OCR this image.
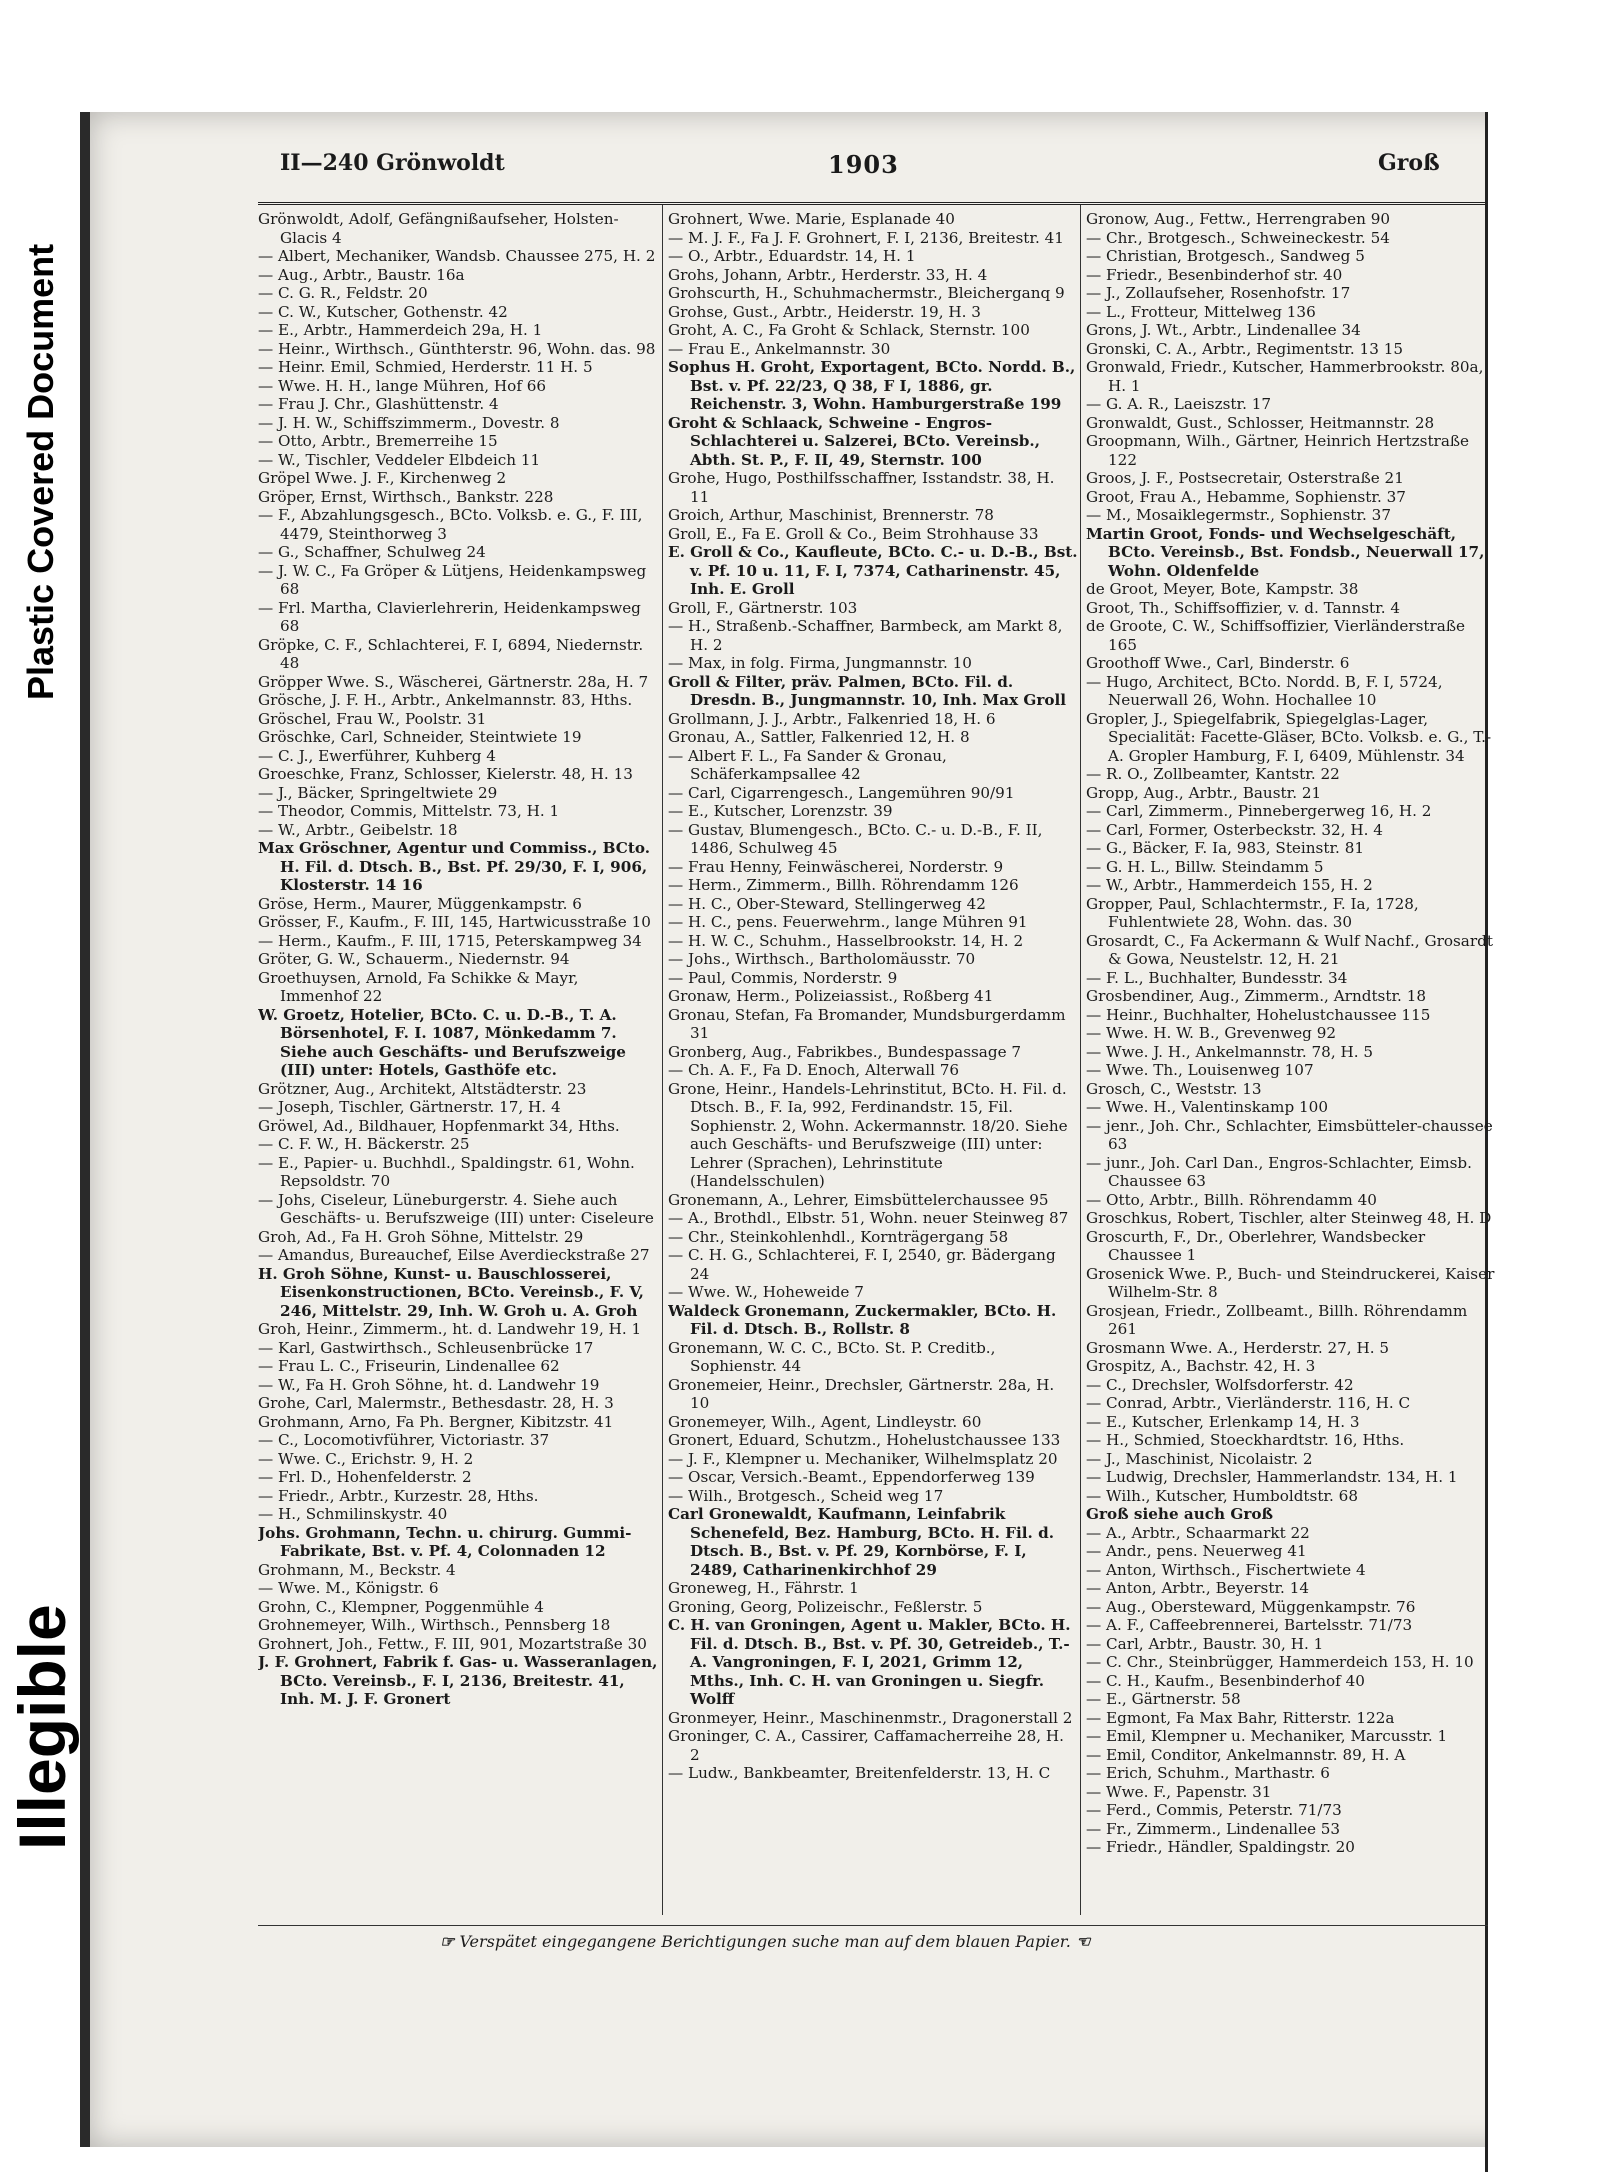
Plastic Covered Document
Illegible
II—240 Grönwoldt	1903	Groß

Grönwoldt, Adolf, Gefängnißaufseher, Holsten-Glacis 4

— Albert, Mechaniker, Wandsb. Chaussee 275, H. 2

— Aug., Arbtr., Baustr. 16a

— C. G. R., Feldstr. 20

— C. W., Kutscher, Gothenstr. 42

— E., Arbtr., Hammerdeich 29a, H. 1

— Heinr., Wirthsch., Günthterstr. 96, Wohn. das. 98

— Heinr. Emil, Schmied, Herderstr. 11 H. 5

— Wwe. H. H., lange Mühren, Hof 66

— Frau J. Chr., Glashüttenstr. 4

— J. H. W., Schiffszimmerm., Dovestr. 8

— Otto, Arbtr., Bremerreihe 15

— W., Tischler, Veddeler Elbdeich 11

Gröpel Wwe. J. F., Kirchenweg 2

Gröper, Ernst, Wirthsch., Bankstr. 228

— F., Abzahlungsgesch., BCto. Volksb. e. G., F. III, 4479, Steinthorweg 3

— G., Schaffner, Schulweg 24

— J. W. C., Fa Gröper & Lütjens, Heidenkampsweg 68

— Frl. Martha, Clavierlehrerin, Heidenkampsweg 68

Gröpke, C. F., Schlachterei, F. I, 6894, Niedernstr. 48

Gröpper Wwe. S., Wäscherei, Gärtnerstr. 28a, H. 7

Grösche, J. F. H., Arbtr., Ankelmannstr. 83, Hths.

Gröschel, Frau W., Poolstr. 31

Gröschke, Carl, Schneider, Steintwiete 19

— C. J., Ewerführer, Kuhberg 4

Groeschke, Franz, Schlosser, Kielerstr. 48, H. 13

— J., Bäcker, Springeltwiete 29

— Theodor, Commis, Mittelstr. 73, H. 1

— W., Arbtr., Geibelstr. 18

Max Gröschner, Agentur und Commiss., BCto. H. Fil. d. Dtsch. B., Bst. Pf. 29/30, F. I, 906, Klosterstr. 14 16

Gröse, Herm., Maurer, Müggenkampstr. 6

Grösser, F., Kaufm., F. III, 145, Hartwicusstraße 10

— Herm., Kaufm., F. III, 1715, Peterskampweg 34

Gröter, G. W., Schauerm., Niedernstr. 94

Groethuysen, Arnold, Fa Schikke & Mayr, Immenhof 22

W. Groetz, Hotelier, BCto. C. u. D.-B., T. A. Börsenhotel, F. I. 1087, Mönkedamm 7. Siehe auch Geschäfts- und Berufszweige (III) unter: Hotels, Gasthöfe etc.

Grötzner, Aug., Architekt, Altstädterstr. 23

— Joseph, Tischler, Gärtnerstr. 17, H. 4

Gröwel, Ad., Bildhauer, Hopfenmarkt 34, Hths.

— C. F. W., H. Bäckerstr. 25

— E., Papier- u. Buchhdl., Spaldingstr. 61, Wohn. Repsoldstr. 70

— Johs, Ciseleur, Lüneburgerstr. 4. Siehe auch Geschäfts- u. Berufszweige (III) unter: Ciseleure

Groh, Ad., Fa H. Groh Söhne, Mittelstr. 29

— Amandus, Bureauchef, Eilse Averdieckstraße 27

H. Groh Söhne, Kunst- u. Bauschlosserei, Eisenkonstructionen, BCto. Vereinsb., F. V, 246, Mittelstr. 29, Inh. W. Groh u. A. Groh

Groh, Heinr., Zimmerm., ht. d. Landwehr 19, H. 1

— Karl, Gastwirthsch., Schleusenbrücke 17

— Frau L. C., Friseurin, Lindenallee 62

— W., Fa H. Groh Söhne, ht. d. Landwehr 19

Grohe, Carl, Malermstr., Bethesdastr. 28, H. 3

Grohmann, Arno, Fa Ph. Bergner, Kibitzstr. 41

— C., Locomotivführer, Victoriastr. 37

— Wwe. C., Erichstr. 9, H. 2

— Frl. D., Hohenfelderstr. 2

— Friedr., Arbtr., Kurzestr. 28, Hths.

— H., Schmilinskystr. 40

Johs. Grohmann, Techn. u. chirurg. Gummi-Fabrikate, Bst. v. Pf. 4, Colonnaden 12

Grohmann, M., Beckstr. 4

— Wwe. M., Königstr. 6

Grohn, C., Klempner, Poggenmühle 4

Grohnemeyer, Wilh., Wirthsch., Pennsberg 18

Grohnert, Joh., Fettw., F. III, 901, Mozartstraße 30

J. F. Grohnert, Fabrik f. Gas- u. Wasseranlagen, BCto. Vereinsb., F. I, 2136, Breitestr. 41, Inh. M. J. F. Gronert

Grohnert, Wwe. Marie, Esplanade 40

— M. J. F., Fa J. F. Grohnert, F. I, 2136, Breitestr. 41

— O., Arbtr., Eduardstr. 14, H. 1

Grohs, Johann, Arbtr., Herderstr. 33, H. 4

Grohscurth, H., Schuhmachermstr., Bleicherganq 9

Grohse, Gust., Arbtr., Heiderstr. 19, H. 3

Groht, A. C., Fa Groht & Schlack, Sternstr. 100

— Frau E., Ankelmannstr. 30

Sophus H. Groht, Exportagent, BCto. Nordd. B., Bst. v. Pf. 22/23, Q 38, F I, 1886, gr. Reichenstr. 3, Wohn. Hamburgerstraße 199

Groht & Schlaack, Schweine - Engros-Schlachterei u. Salzerei, BCto. Vereinsb., Abth. St. P., F. II, 49, Sternstr. 100

Grohe, Hugo, Posthilfsschaffner, Isstandstr. 38, H. 11

Groich, Arthur, Maschinist, Brennerstr. 78

Groll, E., Fa E. Groll & Co., Beim Strohhause 33

E. Groll & Co., Kaufleute, BCto. C.- u. D.-B., Bst. v. Pf. 10 u. 11, F. I, 7374, Catharinenstr. 45, Inh. E. Groll

Groll, F., Gärtnerstr. 103

— H., Straßenb.-Schaffner, Barmbeck, am Markt 8, H. 2

— Max, in folg. Firma, Jungmannstr. 10

Groll & Filter, präv. Palmen, BCto. Fil. d. Dresdn. B., Jungmannstr. 10, Inh. Max Groll

Grollmann, J. J., Arbtr., Falkenried 18, H. 6

Gronau, A., Sattler, Falkenried 12, H. 8

— Albert F. L., Fa Sander & Gronau, Schäferkampsallee 42

— Carl, Cigarrengesch., Langemühren 90/91

— E., Kutscher, Lorenzstr. 39

— Gustav, Blumengesch., BCto. C.- u. D.-B., F. II, 1486, Schulweg 45

— Frau Henny, Feinwäscherei, Norderstr. 9

— Herm., Zimmerm., Billh. Röhrendamm 126

— H. C., Ober-Steward, Stellingerweg 42

— H. C., pens. Feuerwehrm., lange Mühren 91

— H. W. C., Schuhm., Hasselbrookstr. 14, H. 2

— Johs., Wirthsch., Bartholomäusstr. 70

— Paul, Commis, Norderstr. 9

Gronaw, Herm., Polizeiassist., Roßberg 41

Gronau, Stefan, Fa Bromander, Mundsburgerdamm 31

Gronberg, Aug., Fabrikbes., Bundespassage 7

— Ch. A. F., Fa D. Enoch, Alterwall 76

Grone, Heinr., Handels-Lehrinstitut, BCto. H. Fil. d. Dtsch. B., F. Ia, 992, Ferdinandstr. 15, Fil. Sophienstr. 2, Wohn. Ackermannstr. 18/20. Siehe auch Geschäfts- und Berufszweige (III) unter: Lehrer (Sprachen), Lehrinstitute (Handelsschulen)

Gronemann, A., Lehrer, Eimsbüttelerchaussee 95

— A., Brothdl., Elbstr. 51, Wohn. neuer Steinweg 87

— Chr., Steinkohlenhdl., Kornträgergang 58

— C. H. G., Schlachterei, F. I, 2540, gr. Bädergang 24

— Wwe. W., Hoheweide 7

Waldeck Gronemann, Zuckermakler, BCto. H. Fil. d. Dtsch. B., Rollstr. 8

Gronemann, W. C. C., BCto. St. P. Creditb., Sophienstr. 44

Gronemeier, Heinr., Drechsler, Gärtnerstr. 28a, H. 10

Gronemeyer, Wilh., Agent, Lindleystr. 60

Gronert, Eduard, Schutzm., Hohelustchaussee 133

— J. F., Klempner u. Mechaniker, Wilhelmsplatz 20

— Oscar, Versich.-Beamt., Eppendorferweg 139

— Wilh., Brotgesch., Scheid weg 17

Carl Gronewaldt, Kaufmann, Leinfabrik Schenefeld, Bez. Hamburg, BCto. H. Fil. d. Dtsch. B., Bst. v. Pf. 29, Kornbörse, F. I, 2489, Catharinenkirchhof 29

Groneweg, H., Fährstr. 1

Groning, Georg, Polizeischr., Feßlerstr. 5

C. H. van Groningen, Agent u. Makler, BCto. H. Fil. d. Dtsch. B., Bst. v. Pf. 30, Getreideb., T.-A. Vangroningen, F. I, 2021, Grimm 12, Mths., Inh. C. H. van Groningen u. Siegfr. Wolff

Gronmeyer, Heinr., Maschinenmstr., Dragonerstall 2

Groninger, C. A., Cassirer, Caffamacherreihe 28, H. 2

— Ludw., Bankbeamter, Breitenfelderstr. 13, H. C

Gronow, Aug., Fettw., Herrengraben 90

— Chr., Brotgesch., Schweineckestr. 54

— Christian, Brotgesch., Sandweg 5

— Friedr., Besenbinderhof str. 40

— J., Zollaufseher, Rosenhofstr. 17

— L., Frotteur, Mittelweg 136

Grons, J. Wt., Arbtr., Lindenallee 34

Gronski, C. A., Arbtr., Regimentstr. 13 15

Gronwald, Friedr., Kutscher, Hammerbrookstr. 80a, H. 1

— G. A. R., Laeiszstr. 17

Gronwaldt, Gust., Schlosser, Heitmannstr. 28

Groopmann, Wilh., Gärtner, Heinrich Hertzstraße 122

Groos, J. F., Postsecretair, Osterstraße 21

Groot, Frau A., Hebamme, Sophienstr. 37

— M., Mosaiklegermstr., Sophienstr. 37

Martin Groot, Fonds- und Wechselgeschäft, BCto. Vereinsb., Bst. Fondsb., Neuerwall 17, Wohn. Oldenfelde

de Groot, Meyer, Bote, Kampstr. 38

Groot, Th., Schiffsoffizier, v. d. Tannstr. 4

de Groote, C. W., Schiffsoffizier, Vierländerstraße 165

Groothoff Wwe., Carl, Binderstr. 6

— Hugo, Architect, BCto. Nordd. B, F. I, 5724, Neuerwall 26, Wohn. Hochallee 10

Gropler, J., Spiegelfabrik, Spiegelglas-Lager, Specialität: Facette-Gläser, BCto. Volksb. e. G., T.-A. Gropler Hamburg, F. I, 6409, Mühlenstr. 34

— R. O., Zollbeamter, Kantstr. 22

Gropp, Aug., Arbtr., Baustr. 21

— Carl, Zimmerm., Pinnebergerweg 16, H. 2

— Carl, Former, Osterbeckstr. 32, H. 4

— G., Bäcker, F. Ia, 983, Steinstr. 81

— G. H. L., Billw. Steindamm 5

— W., Arbtr., Hammerdeich 155, H. 2

Gropper, Paul, Schlachtermstr., F. Ia, 1728, Fuhlentwiete 28, Wohn. das. 30

Grosardt, C., Fa Ackermann & Wulf Nachf., Grosardt & Gowa, Neustelstr. 12, H. 21

— F. L., Buchhalter, Bundesstr. 34

Grosbendiner, Aug., Zimmerm., Arndtstr. 18

— Heinr., Buchhalter, Hohelustchaussee 115

— Wwe. H. W. B., Grevenweg 92

— Wwe. J. H., Ankelmannstr. 78, H. 5

— Wwe. Th., Louisenweg 107

Grosch, C., Weststr. 13

— Wwe. H., Valentinskamp 100

— jenr., Joh. Chr., Schlachter, Eimsbütteler-chaussee 63

— junr., Joh. Carl Dan., Engros-Schlachter, Eimsb. Chaussee 63

— Otto, Arbtr., Billh. Röhrendamm 40

Groschkus, Robert, Tischler, alter Steinweg 48, H. D

Groscurth, F., Dr., Oberlehrer, Wandsbecker Chaussee 1

Grosenick Wwe. P., Buch- und Steindruckerei, Kaiser Wilhelm-Str. 8

Grosjean, Friedr., Zollbeamt., Billh. Röhrendamm 261

Grosmann Wwe. A., Herderstr. 27, H. 5

Grospitz, A., Bachstr. 42, H. 3

— C., Drechsler, Wolfsdorferstr. 42

— Conrad, Arbtr., Vierländerstr. 116, H. C

— E., Kutscher, Erlenkamp 14, H. 3

— H., Schmied, Stoeckhardtstr. 16, Hths.

— J., Maschinist, Nicolaistr. 2

— Ludwig, Drechsler, Hammerlandstr. 134, H. 1

— Wilh., Kutscher, Humboldtstr. 68

Groß siehe auch Groß

— A., Arbtr., Schaarmarkt 22

— Andr., pens. Neuerweg 41

— Anton, Wirthsch., Fischertwiete 4

— Anton, Arbtr., Beyerstr. 14

— Aug., Obersteward, Müggenkampstr. 76

— A. F., Caffeebrennerei, Bartelsstr. 71/73

— Carl, Arbtr., Baustr. 30, H. 1

— C. Chr., Steinbrügger, Hammerdeich 153, H. 10

— C. H., Kaufm., Besenbinderhof 40

— E., Gärtnerstr. 58

— Egmont, Fa Max Bahr, Ritterstr. 122a

— Emil, Klempner u. Mechaniker, Marcusstr. 1

— Emil, Conditor, Ankelmannstr. 89, H. A

— Erich, Schuhm., Marthastr. 6

— Wwe. F., Papenstr. 31

— Ferd., Commis, Peterstr. 71/73

— Fr., Zimmerm., Lindenallee 53

— Friedr., Händler, Spaldingstr. 20

☞ Verspätet eingegangene Berichtigungen suche man auf dem blauen Papier. ☜
